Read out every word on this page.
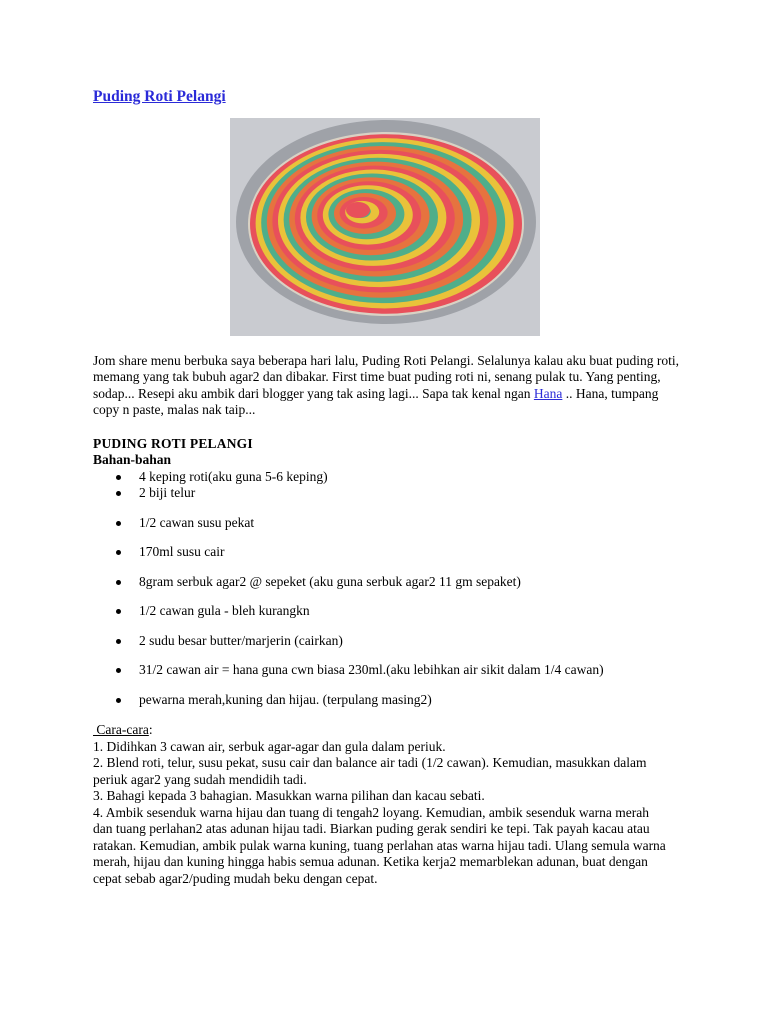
Puding Roti Pelangi
Jom share menu berbuka saya beberapa hari lalu, Puding Roti Pelangi. Selalunya kalau aku buat puding roti, memang yang tak bubuh agar2 dan dibakar. First time buat puding roti ni, senang pulak tu. Yang penting, sodap... Resepi aku ambik dari blogger yang tak asing lagi... Sapa tak kenal ngan Hana .. Hana, tumpang copy n paste, malas nak taip...
PUDING ROTI PELANGI
Bahan-bahan
4 keping roti(aku guna 5-6 keping)
2 biji telur
1/2 cawan susu pekat
170ml susu cair
8gram serbuk agar2 @ sepeket (aku guna serbuk agar2 11 gm sepaket)
1/2 cawan gula - bleh kurangkn
2 sudu besar butter/marjerin (cairkan)
31/2 cawan air = hana guna cwn biasa 230ml.(aku lebihkan air sikit dalam 1/4 cawan)
pewarna merah,kuning dan hijau. (terpulang masing2)
Cara-cara:
1. Didihkan 3 cawan air, serbuk agar-agar dan gula dalam periuk.
2. Blend roti, telur, susu pekat, susu cair dan balance air tadi (1/2 cawan). Kemudian, masukkan dalam periuk agar2 yang sudah mendidih tadi.
3. Bahagi kepada 3 bahagian. Masukkan warna pilihan dan kacau sebati.
4. Ambik sesenduk warna hijau dan tuang di tengah2 loyang. Kemudian, ambik sesenduk warna merah dan tuang perlahan2 atas adunan hijau tadi. Biarkan puding gerak sendiri ke tepi. Tak payah kacau atau ratakan. Kemudian, ambik pulak warna kuning, tuang perlahan atas warna hijau tadi. Ulang semula warna merah, hijau dan kuning hingga habis semua adunan. Ketika kerja2 memarblekan adunan, buat dengan cepat sebab agar2/puding mudah beku dengan cepat.
